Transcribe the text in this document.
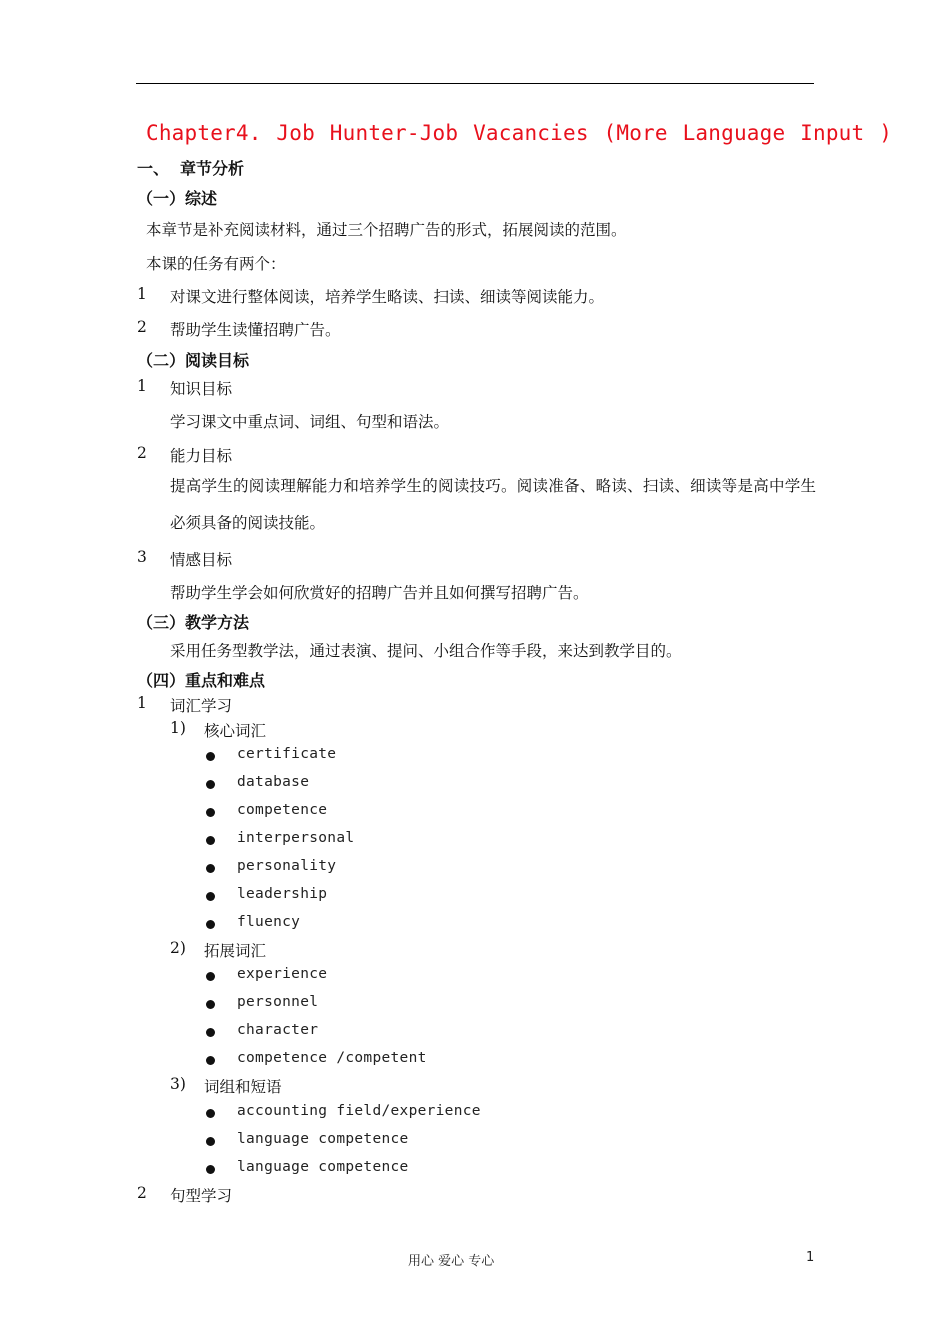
Chapter4. Job Hunter-Job Vacancies (More Language Input )
一、 章节分析
（一）综述
本章节是补充阅读材料，通过三个招聘广告的形式，拓展阅读的范围。
本课的任务有两个：
1 对课文进行整体阅读，培养学生略读、扫读、细读等阅读能力。
2 帮助学生读懂招聘广告。
（二）阅读目标
1 知识目标
学习课文中重点词、词组、句型和语法。
2 能力目标
提高学生的阅读理解能力和培养学生的阅读技巧。阅读准备、略读、扫读、细读等是高中学生必须具备的阅读技能。
3 情感目标
帮助学生学会如何欣赏好的招聘广告并且如何撰写招聘广告。
（三）教学方法
采用任务型教学法，通过表演、提问、小组合作等手段，来达到教学目的。
（四）重点和难点
1 词汇学习
1) 核心词汇
certificate
database
competence
interpersonal
personality
leadership
fluency
2) 拓展词汇
experience
personnel
character
competence /competent
3) 词组和短语
accounting field/experience
language competence
language competence
2 句型学习
用心 爱心 专心	1
